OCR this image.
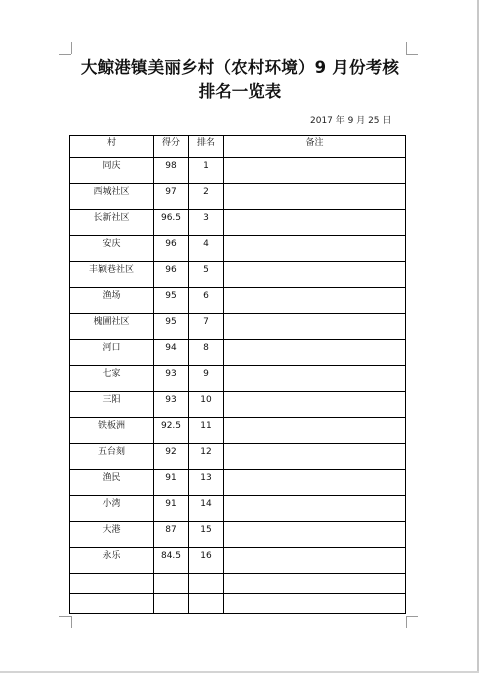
大鲸港镇美丽乡村（农村环境）9 月份考核
排名一览表
2017 年 9 月 25 日
村	得分	排名	备注
同庆	98	1	
西城社区	97	2	
长新社区	96.5	3	
安庆	96	4	
丰颖巷社区	96	5	
渔场	95	6	
槐圃社区	95	7	
河口	94	8	
七家	93	9	
三阳	93	10	
铁板洲	92.5	11	
五台刻	92	12	
渔民	91	13	
小湾	91	14	
大港	87	15	
永乐	84.5	16	
